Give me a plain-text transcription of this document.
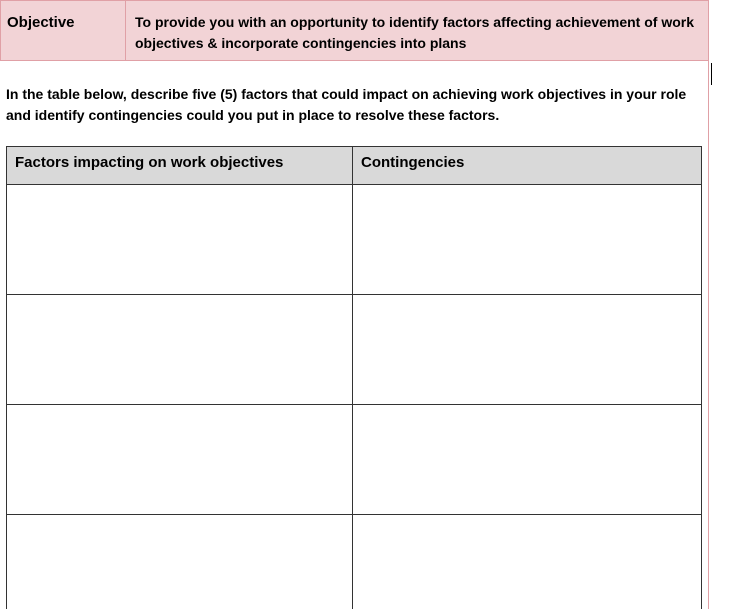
Objective	To provide you with an opportunity to identify factors affecting achievement of work objectives & incorporate contingencies into plans
In the table below, describe five (5) factors that could impact on achieving work objectives in your role and identify contingencies could you put in place to resolve these factors.
Factors impacting on work objectives	Contingencies
